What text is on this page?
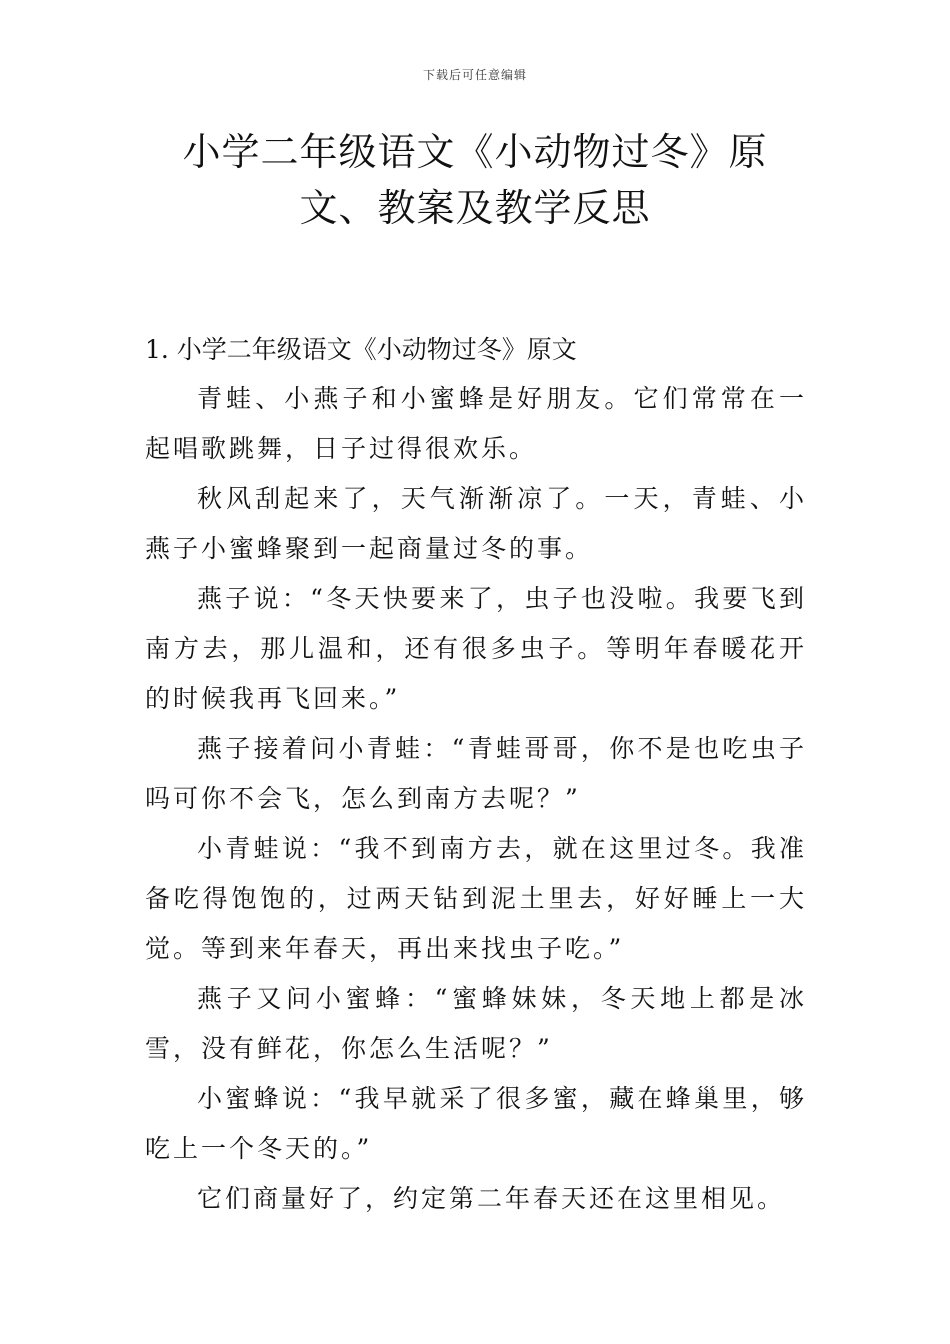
下载后可任意编辑
小学二年级语文《小动物过冬》原文、教案及教学反思
1. 小学二年级语文《小动物过冬》原文

青蛙、小燕子和小蜜蜂是好朋友。它们常常在一起唱歌跳舞，日子过得很欢乐。

秋风刮起来了，天气渐渐凉了。一天，青蛙、小燕子小蜜蜂聚到一起商量过冬的事。

燕子说：“冬天快要来了，虫子也没啦。我要飞到南方去，那儿温和，还有很多虫子。等明年春暖花开的时候我再飞回来。”

燕子接着问小青蛙：“青蛙哥哥，你不是也吃虫子吗可你不会飞，怎么到南方去呢？”

小青蛙说：“我不到南方去，就在这里过冬。我准备吃得饱饱的，过两天钻到泥土里去，好好睡上一大觉。等到来年春天，再出来找虫子吃。”

燕子又问小蜜蜂：“蜜蜂妹妹，冬天地上都是冰雪，没有鲜花，你怎么生活呢？”

小蜜蜂说：“我早就采了很多蜜，藏在蜂巢里，够吃上一个冬天的。”

它们商量好了，约定第二年春天还在这里相见。
